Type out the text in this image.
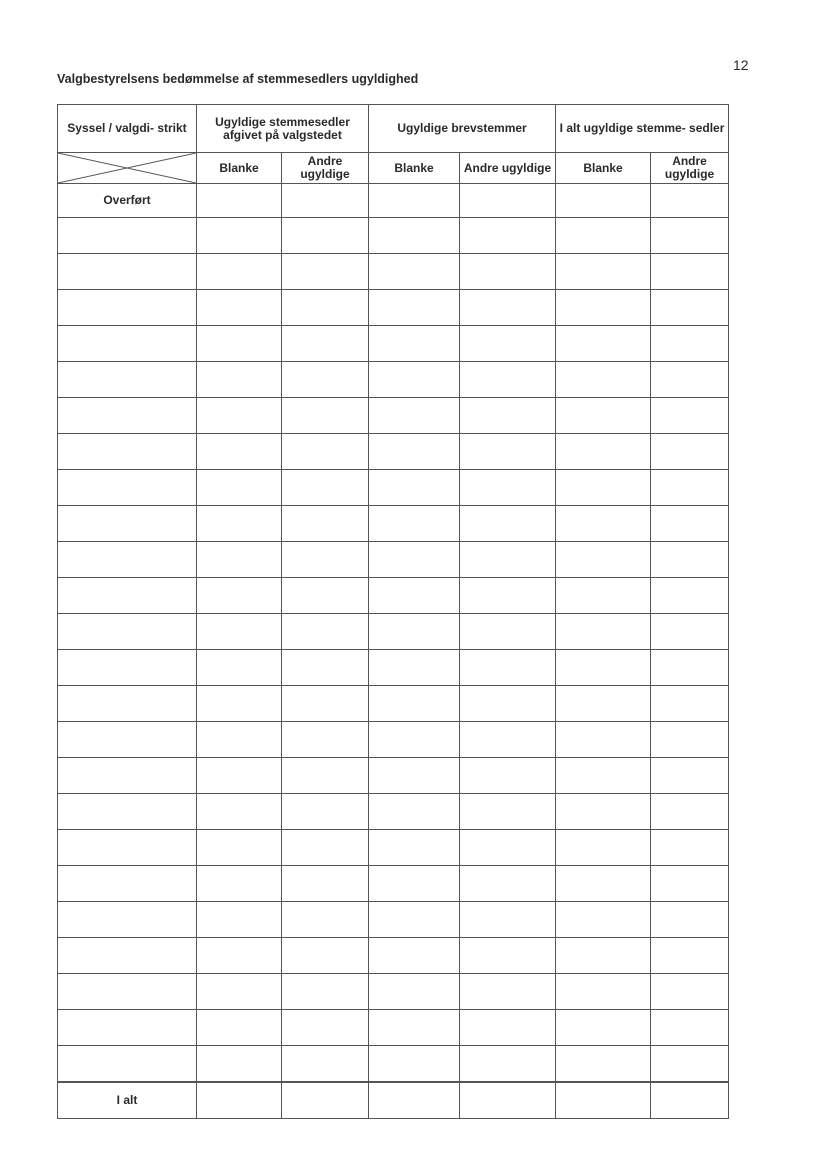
12
Valgbestyrelsens bedømmelse af stemmesedlers ugyldighed
Syssel / valgdi- strikt	Ugyldige stemmesedler afgivet på valgstedet		Ugyldige brevstemmer		I alt ugyldige stemme- sedler	

	Blanke	Andre ugyldige	Blanke	Andre ugyldige	Blanke	Andre ugyldige
Overført						

I alt						
